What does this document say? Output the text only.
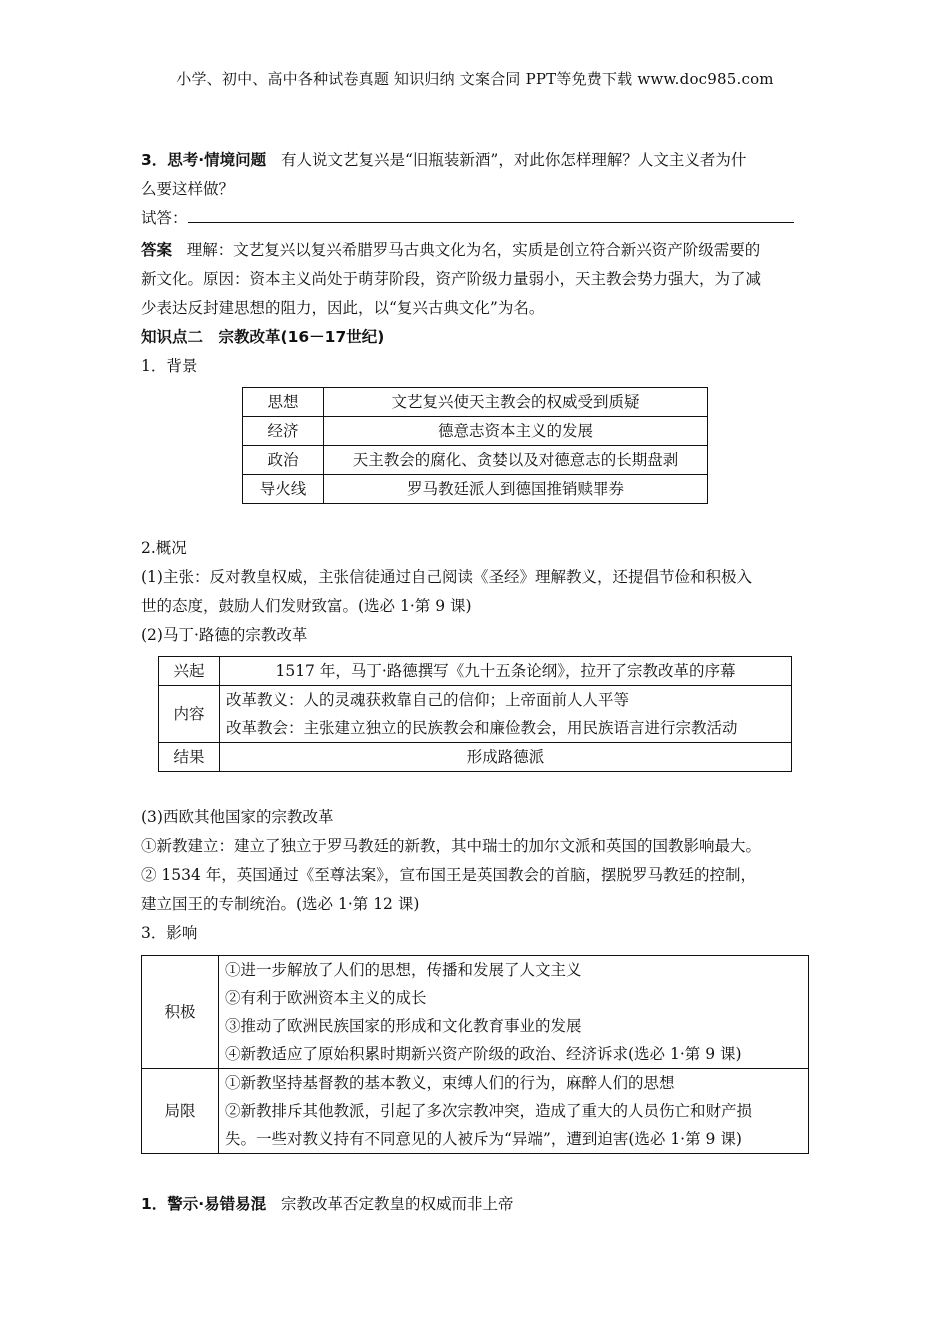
小学、初中、高中各种试卷真题 知识归纳 文案合同 PPT等免费下载 www.doc985.com
3．思考·情境问题 有人说文艺复兴是“旧瓶装新酒”，对此你怎样理解？人文主义者为什
么要这样做？
试答：
答案 理解：文艺复兴以复兴希腊罗马古典文化为名，实质是创立符合新兴资产阶级需要的
新文化。原因：资本主义尚处于萌芽阶段，资产阶级力量弱小，天主教会势力强大，为了减
少表达反封建思想的阻力，因此，以“复兴古典文化”为名。
知识点二　宗教改革(16－17世纪)
1．背景
思想	文艺复兴使天主教会的权威受到质疑
经济	德意志资本主义的发展
政治	天主教会的腐化、贪婪以及对德意志的长期盘剥
导火线	罗马教廷派人到德国推销赎罪券
2.概况
(1)主张：反对教皇权威，主张信徒通过自己阅读《圣经》理解教义，还提倡节俭和积极入
世的态度，鼓励人们发财致富。(选必 1·第 9 课)
(2)马丁·路德的宗教改革
兴起	1517 年，马丁·路德撰写《九十五条论纲》，拉开了宗教改革的序幕
内容	改革教义：人的灵魂获救靠自己的信仰；上帝面前人人平等
改革教会：主张建立独立的民族教会和廉俭教会，用民族语言进行宗教活动

结果	形成路德派
(3)西欧其他国家的宗教改革
①新教建立：建立了独立于罗马教廷的新教，其中瑞士的加尔文派和英国的国教影响最大。
② 1534 年，英国通过《至尊法案》，宣布国王是英国教会的首脑，摆脱罗马教廷的控制，
建立国王的专制统治。(选必 1·第 12 课)
3．影响
积极	①进一步解放了人们的思想，传播和发展了人文主义
②有利于欧洲资本主义的成长
③推动了欧洲民族国家的形成和文化教育事业的发展
④新教适应了原始积累时期新兴资产阶级的政治、经济诉求(选必 1·第 9 课)

局限	①新教坚持基督教的基本教义，束缚人们的行为，麻醉人们的思想
②新教排斥其他教派，引起了多次宗教冲突，造成了重大的人员伤亡和财产损
失。一些对教义持有不同意见的人被斥为“异端”，遭到迫害(选必 1·第 9 课)
1．警示·易错易混 宗教改革否定教皇的权威而非上帝
